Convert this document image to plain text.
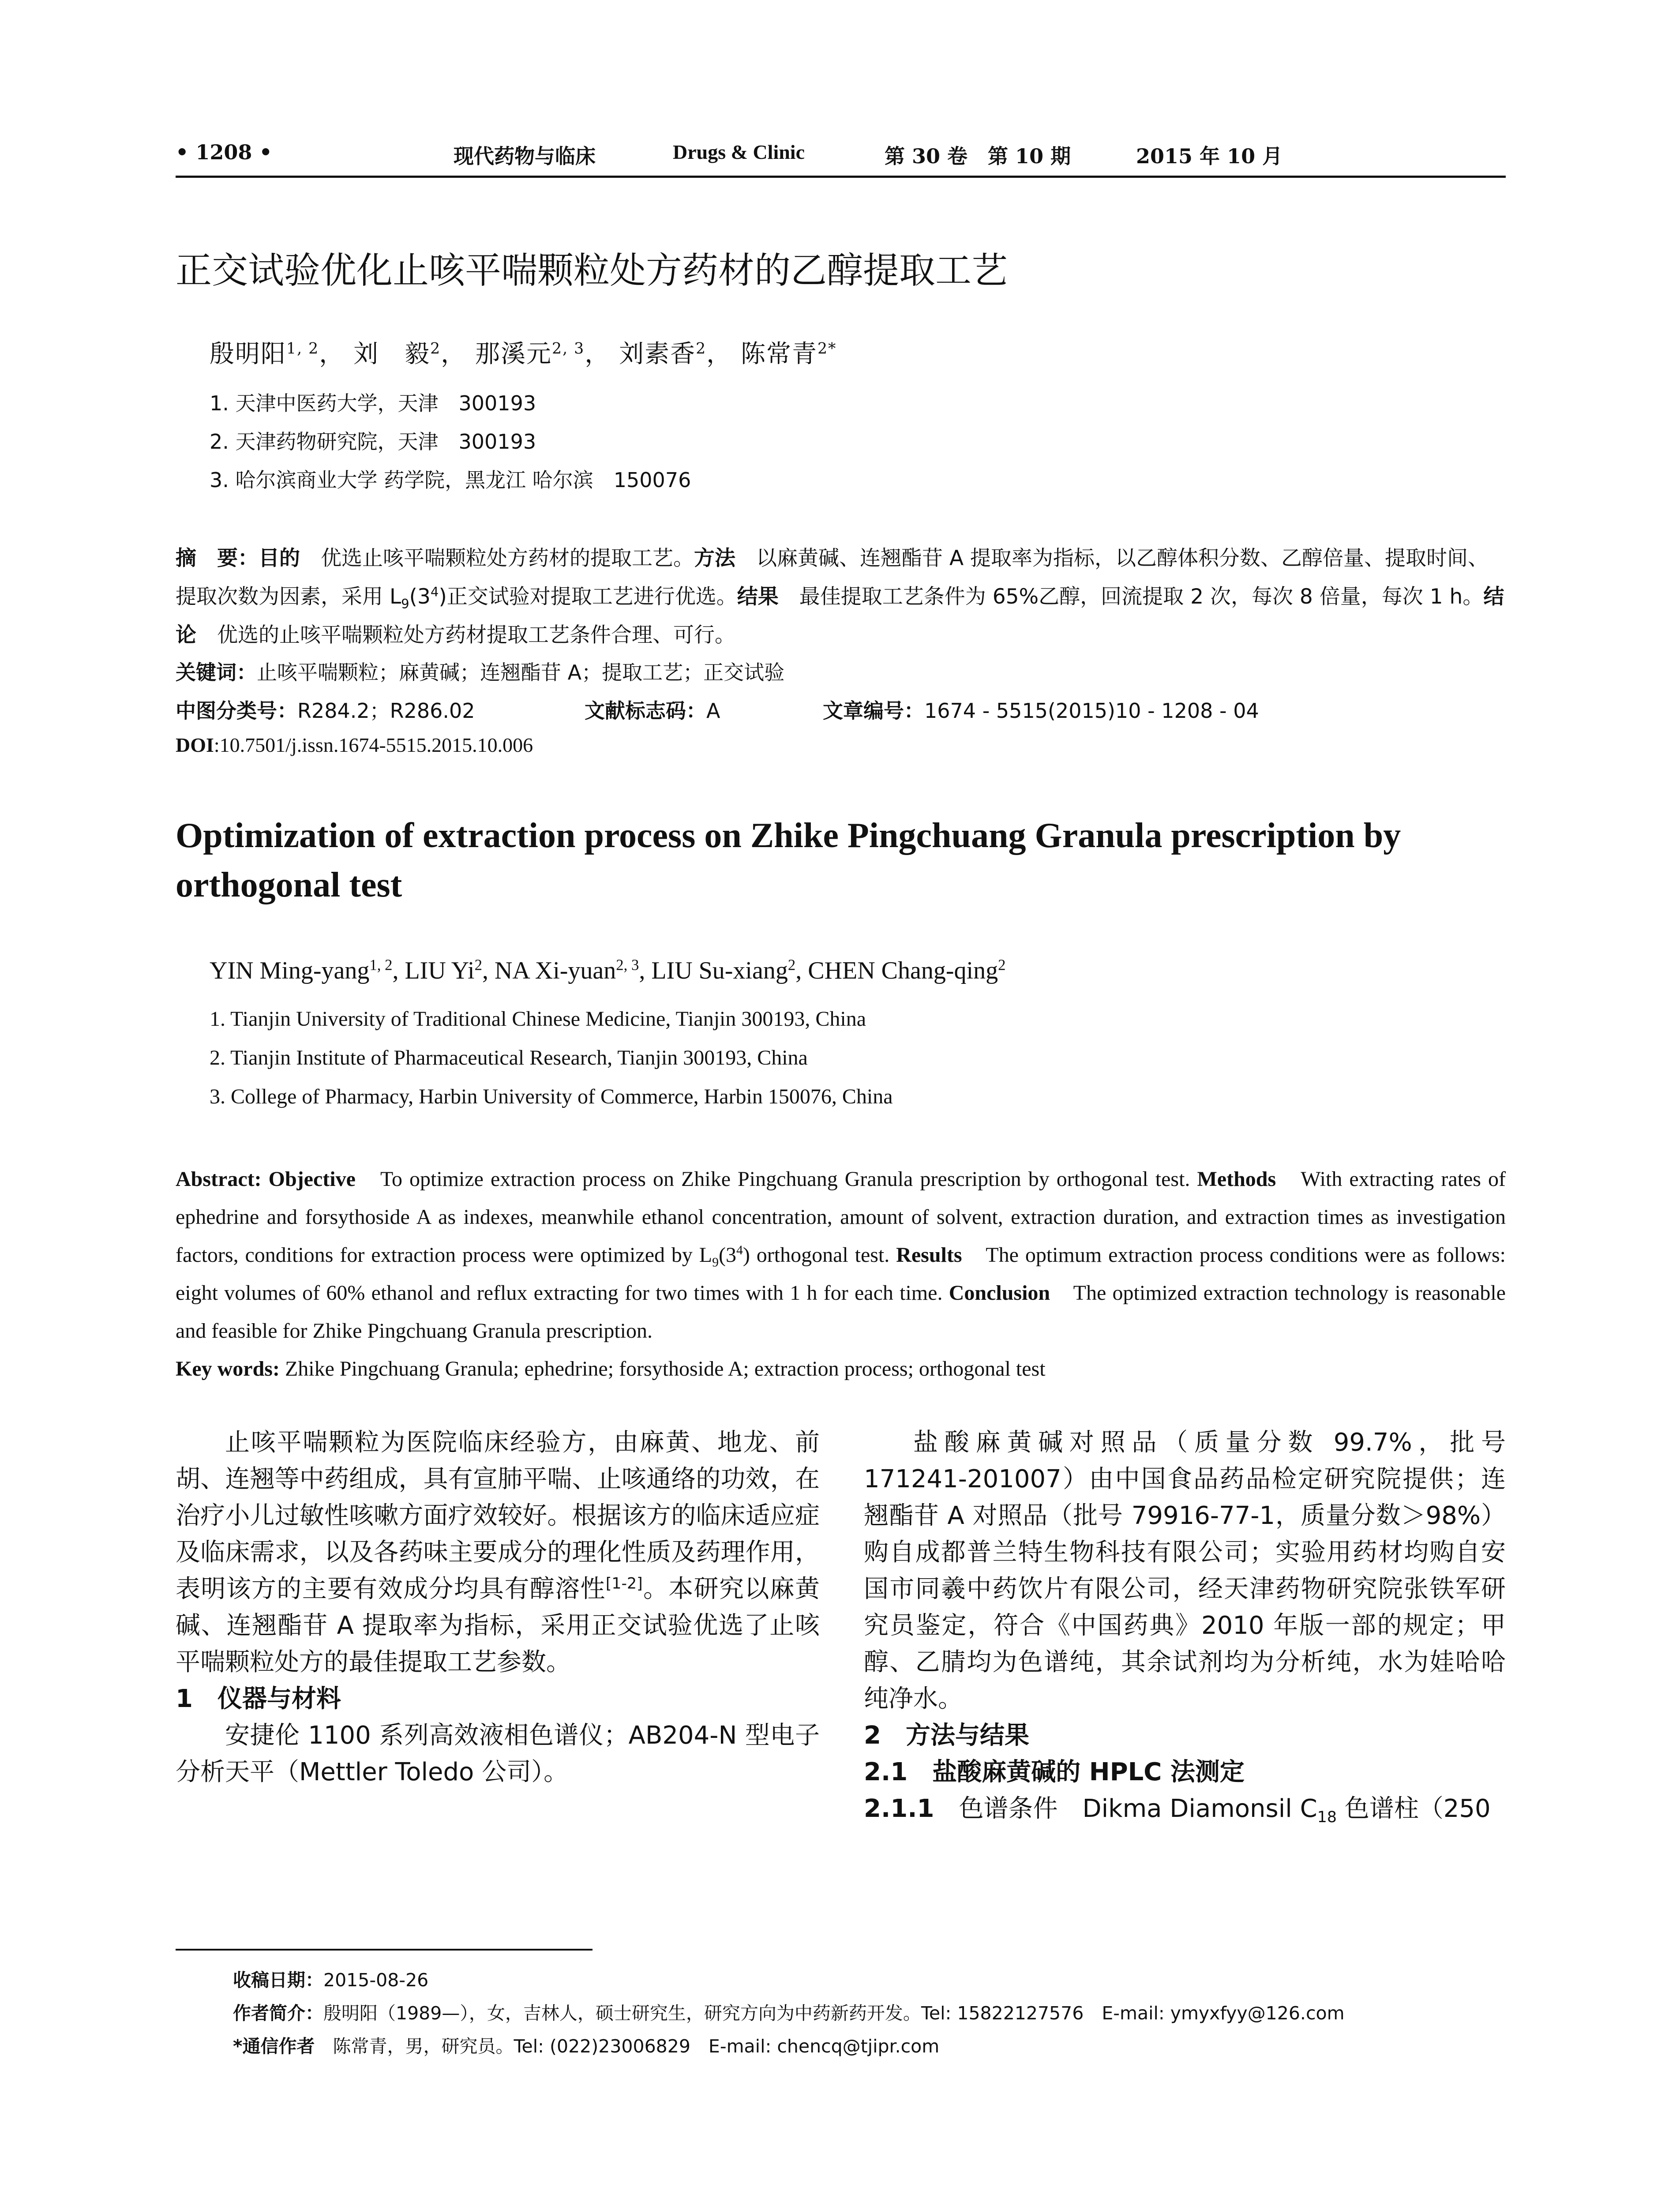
• 1208 •	现代药物与临床	Drugs & Clinic	第 30 卷　第 10 期	2015 年 10 月
正交试验优化止咳平喘颗粒处方药材的乙醇提取工艺
殷明阳$^{1, 2}$， 刘　毅$^2$， 那溪元$^{2, 3}$， 刘素香$^2$， 陈常青$^{2*}$
1. 天津中医药大学，天津　300193
2. 天津药物研究院，天津　300193
3. 哈尔滨商业大学 药学院，黑龙江 哈尔滨　150076
摘　要：目的　优选止咳平喘颗粒处方药材的提取工艺。方法　以麻黄碱、连翘酯苷 A 提取率为指标，以乙醇体积分数、乙醇倍量、提取时间、提取次数为因素，采用 $L_9(3^4)$正交试验对提取工艺进行优选。结果　最佳提取工艺条件为 65%乙醇，回流提取 2 次，每次 8 倍量，每次 1 h。结论　优选的止咳平喘颗粒处方药材提取工艺条件合理、可行。
关键词：止咳平喘颗粒；麻黄碱；连翘酯苷 A；提取工艺；正交试验
中图分类号：R284.2；R286.02	文献标志码：A	文章编号：1674 - 5515(2015)10 - 1208 - 04
DOI:10.7501/j.issn.1674-5515.2015.10.006
Optimization of extraction process on Zhike Pingchuang Granula prescription by orthogonal test
YIN Ming-yang$^{1, 2}$, LIU Yi$^2$, NA Xi-yuan$^{2, 3}$, LIU Su-xiang$^2$, CHEN Chang-qing$^2$
1. Tianjin University of Traditional Chinese Medicine, Tianjin 300193, China
2. Tianjin Institute of Pharmaceutical Research, Tianjin 300193, China
3. College of Pharmacy, Harbin University of Commerce, Harbin 150076, China
Abstract: Objective　To optimize extraction process on Zhike Pingchuang Granula prescription by orthogonal test. Methods　With extracting rates of ephedrine and forsythoside A as indexes, meanwhile ethanol concentration, amount of solvent, extraction duration, and extraction times as investigation factors, conditions for extraction process were optimized by $L_9(3^4)$ orthogonal test. Results　The optimum extraction process conditions were as follows: eight volumes of 60% ethanol and reflux extracting for two times with 1 h for each time. Conclusion　The optimized extraction technology is reasonable and feasible for Zhike Pingchuang Granula prescription.
Key words: Zhike Pingchuang Granula; ephedrine; forsythoside A; extraction process; orthogonal test

止咳平喘颗粒为医院临床经验方，由麻黄、地龙、前胡、连翘等中药组成，具有宣肺平喘、止咳通络的功效，在治疗小儿过敏性咳嗽方面疗效较好。根据该方的临床适应症及临床需求，以及各药味主要成分的理化性质及药理作用，表明该方的主要有效成分均具有醇溶性[1-2]。本研究以麻黄碱、连翘酯苷 A 提取率为指标，采用正交试验优选了止咳平喘颗粒处方的最佳提取工艺参数。

1　仪器与材料

安捷伦 1100 系列高效液相色谱仪；AB204-N 型电子分析天平（Mettler Toledo 公司）。

盐酸麻黄碱对照品（质量分数 99.7%，批号 171241-201007）由中国食品药品检定研究院提供；连翘酯苷 A 对照品（批号 79916-77-1，质量分数＞98%）购自成都普兰特生物科技有限公司；实验用药材均购自安国市同羲中药饮片有限公司，经天津药物研究院张铁军研究员鉴定，符合《中国药典》2010 年版一部的规定；甲醇、乙腈均为色谱纯，其余试剂均为分析纯，水为娃哈哈纯净水。

2　方法与结果

2.1　盐酸麻黄碱的 HPLC 法测定

2.1.1　色谱条件　Dikma Diamonsil $C_{18}$ 色谱柱（250

收稿日期：2015-08-26
作者简介：殷明阳（1989—），女，吉林人，硕士研究生，研究方向为中药新药开发。Tel: 15822127576　E-mail: ymyxfyy@126.com
*通信作者　陈常青，男，研究员。Tel: (022)23006829　E-mail: chencq@tjipr.com
